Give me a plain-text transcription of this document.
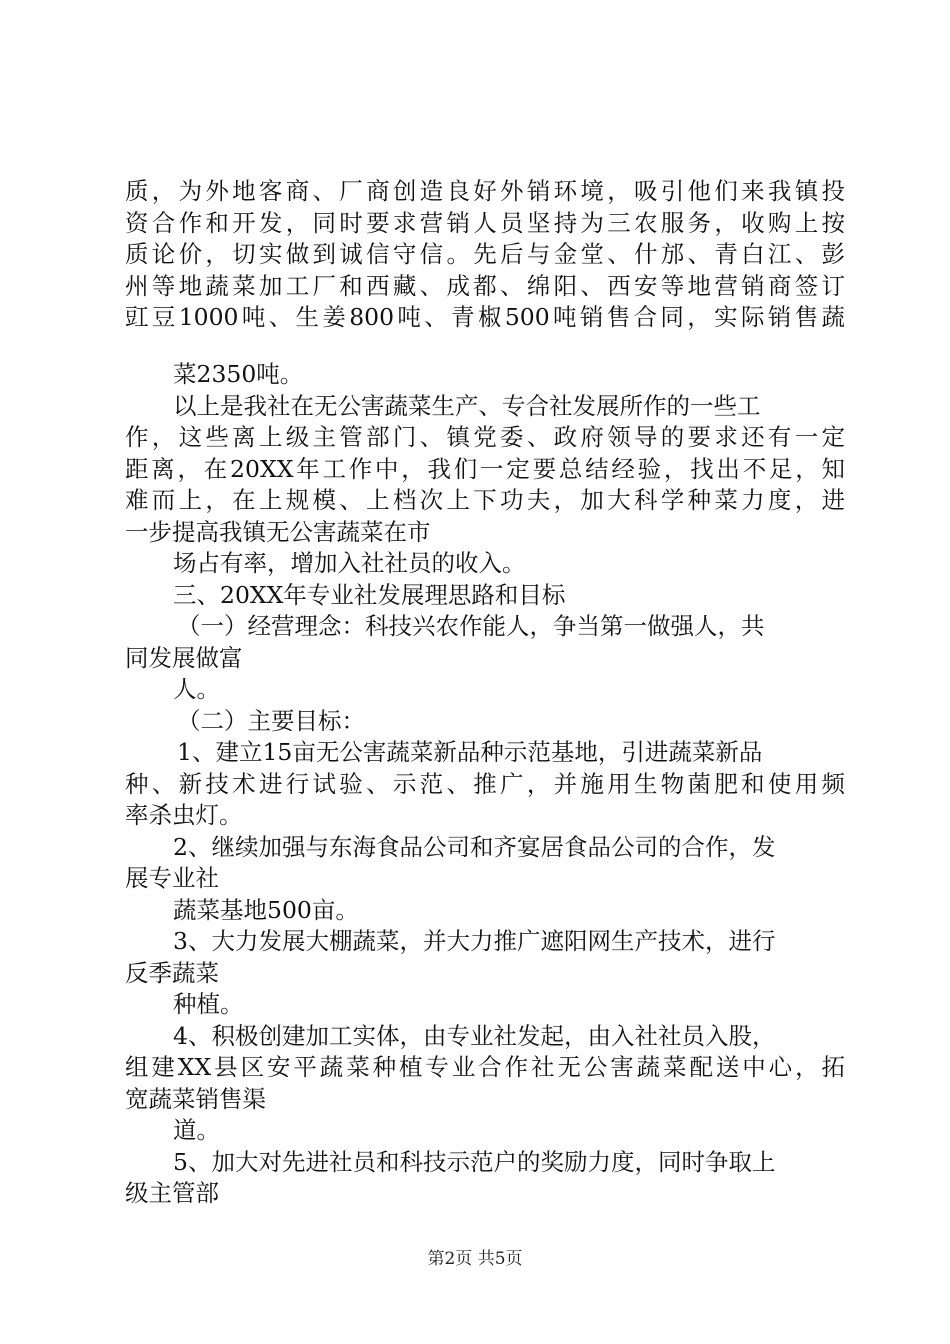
质，为外地客商、厂商创造良好外销环境，吸引他们来我镇投
资合作和开发，同时要求营销人员坚持为三农服务，收购上按
质论价，切实做到诚信守信。先后与金堂、什邡、青白江、彭
州等地蔬菜加工厂和西藏、成都、绵阳、西安等地营销商签订
豇豆1000吨、生姜800吨、青椒500吨销售合同，实际销售蔬
菜2350吨。
以上是我社在无公害蔬菜生产、专合社发展所作的一些工
作，这些离上级主管部门、镇党委、政府领导的要求还有一定
距离，在20XX年工作中，我们一定要总结经验，找出不足，知
难而上，在上规模、上档次上下功夫，加大科学种菜力度，进
一步提高我镇无公害蔬菜在市
场占有率，增加入社社员的收入。
三、20XX年专业社发展理思路和目标
（一）经营理念：科技兴农作能人，争当第一做强人，共
同发展做富
人。
（二）主要目标：
1、建立15亩无公害蔬菜新品种示范基地，引进蔬菜新品
种、新技术进行试验、示范、推广，并施用生物菌肥和使用频
率杀虫灯。
2、继续加强与东海食品公司和齐宴居食品公司的合作，发
展专业社
蔬菜基地500亩。
3、大力发展大棚蔬菜，并大力推广遮阳网生产技术，进行
反季蔬菜
种植。
4、积极创建加工实体，由专业社发起，由入社社员入股，
组建XX县区安平蔬菜种植专业合作社无公害蔬菜配送中心，拓
宽蔬菜销售渠
道。
5、加大对先进社员和科技示范户的奖励力度，同时争取上
级主管部
第2页 共5页
